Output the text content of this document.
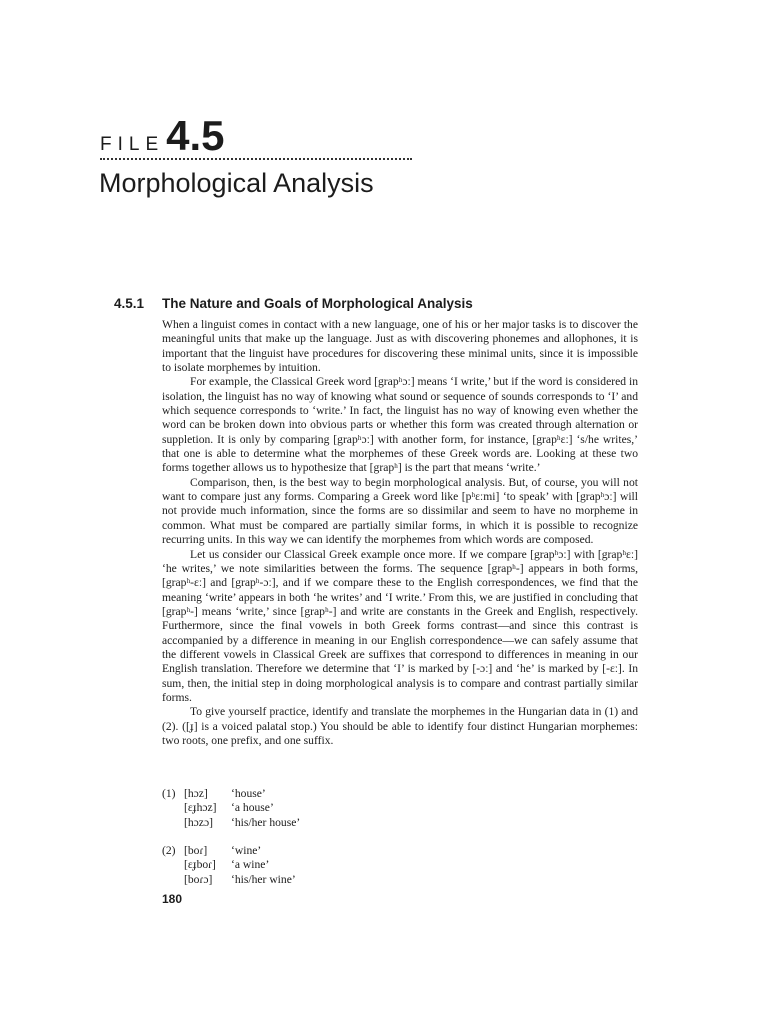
FILE4.5
Morphological Analysis
4.5.1 The Nature and Goals of Morphological Analysis

When a linguist comes in contact with a new language, one of his or her major tasks is to discover the meaningful units that make up the language. Just as with discovering phonemes and allophones, it is important that the linguist have procedures for discovering these minimal units, since it is impossible to isolate morphemes by intuition.

For example, the Classical Greek word [grapʰɔː] means ‘I write,’ but if the word is considered in isolation, the linguist has no way of knowing what sound or sequence of sounds corresponds to ‘I’ and which sequence corresponds to ‘write.’ In fact, the linguist has no way of knowing even whether the word can be broken down into obvious parts or whether this form was created through alternation or suppletion. It is only by comparing [grapʰɔː] with another form, for instance, [grapʰɛː] ‘s/he writes,’ that one is able to determine what the morphemes of these Greek words are. Looking at these two forms together allows us to hypothesize that [grapʰ] is the part that means ‘write.’

Comparison, then, is the best way to begin morphological analysis. But, of course, you will not want to compare just any forms. Comparing a Greek word like [pʰɛːmi] ‘to speak’ with [grapʰɔː] will not provide much information, since the forms are so dissimilar and seem to have no morpheme in common. What must be compared are partially similar forms, in which it is possible to recognize recurring units. In this way we can identify the morphemes from which words are composed.

Let us consider our Classical Greek example once more. If we compare [grapʰɔː] with [grapʰɛː] ‘he writes,’ we note similarities between the forms. The sequence [grapʰ-] appears in both forms, [grapʰ-ɛː] and [grapʰ-ɔː], and if we compare these to the English correspondences, we find that the meaning ‘write’ appears in both ‘he writes’ and ‘I write.’ From this, we are justified in concluding that [grapʰ-] means ‘write,’ since [grapʰ-] and write are constants in the Greek and English, respectively. Furthermore, since the final vowels in both Greek forms contrast—and since this contrast is accompanied by a difference in meaning in our English correspondence—we can safely assume that the different vowels in Classical Greek are suffixes that correspond to differences in meaning in our English translation. Therefore we determine that ‘I’ is marked by [-ɔː] and ‘he’ is marked by [-ɛː]. In sum, then, the initial step in doing morphological analysis is to compare and contrast partially similar forms.

To give yourself practice, identify and translate the morphemes in the Hungarian data in (1) and (2). ([ɟ] is a voiced palatal stop.) You should be able to identify four distinct Hungarian morphemes: two roots, one prefix, and one suffix.

(1) [hɔz]	‘house’
[ɛɟhɔz]	‘a house’
[hɔzɔ]	‘his/her house’
(2) [boɾ]	‘wine’
[ɛɟboɾ]	‘a wine’
[boɾɔ]	‘his/her wine’
180
